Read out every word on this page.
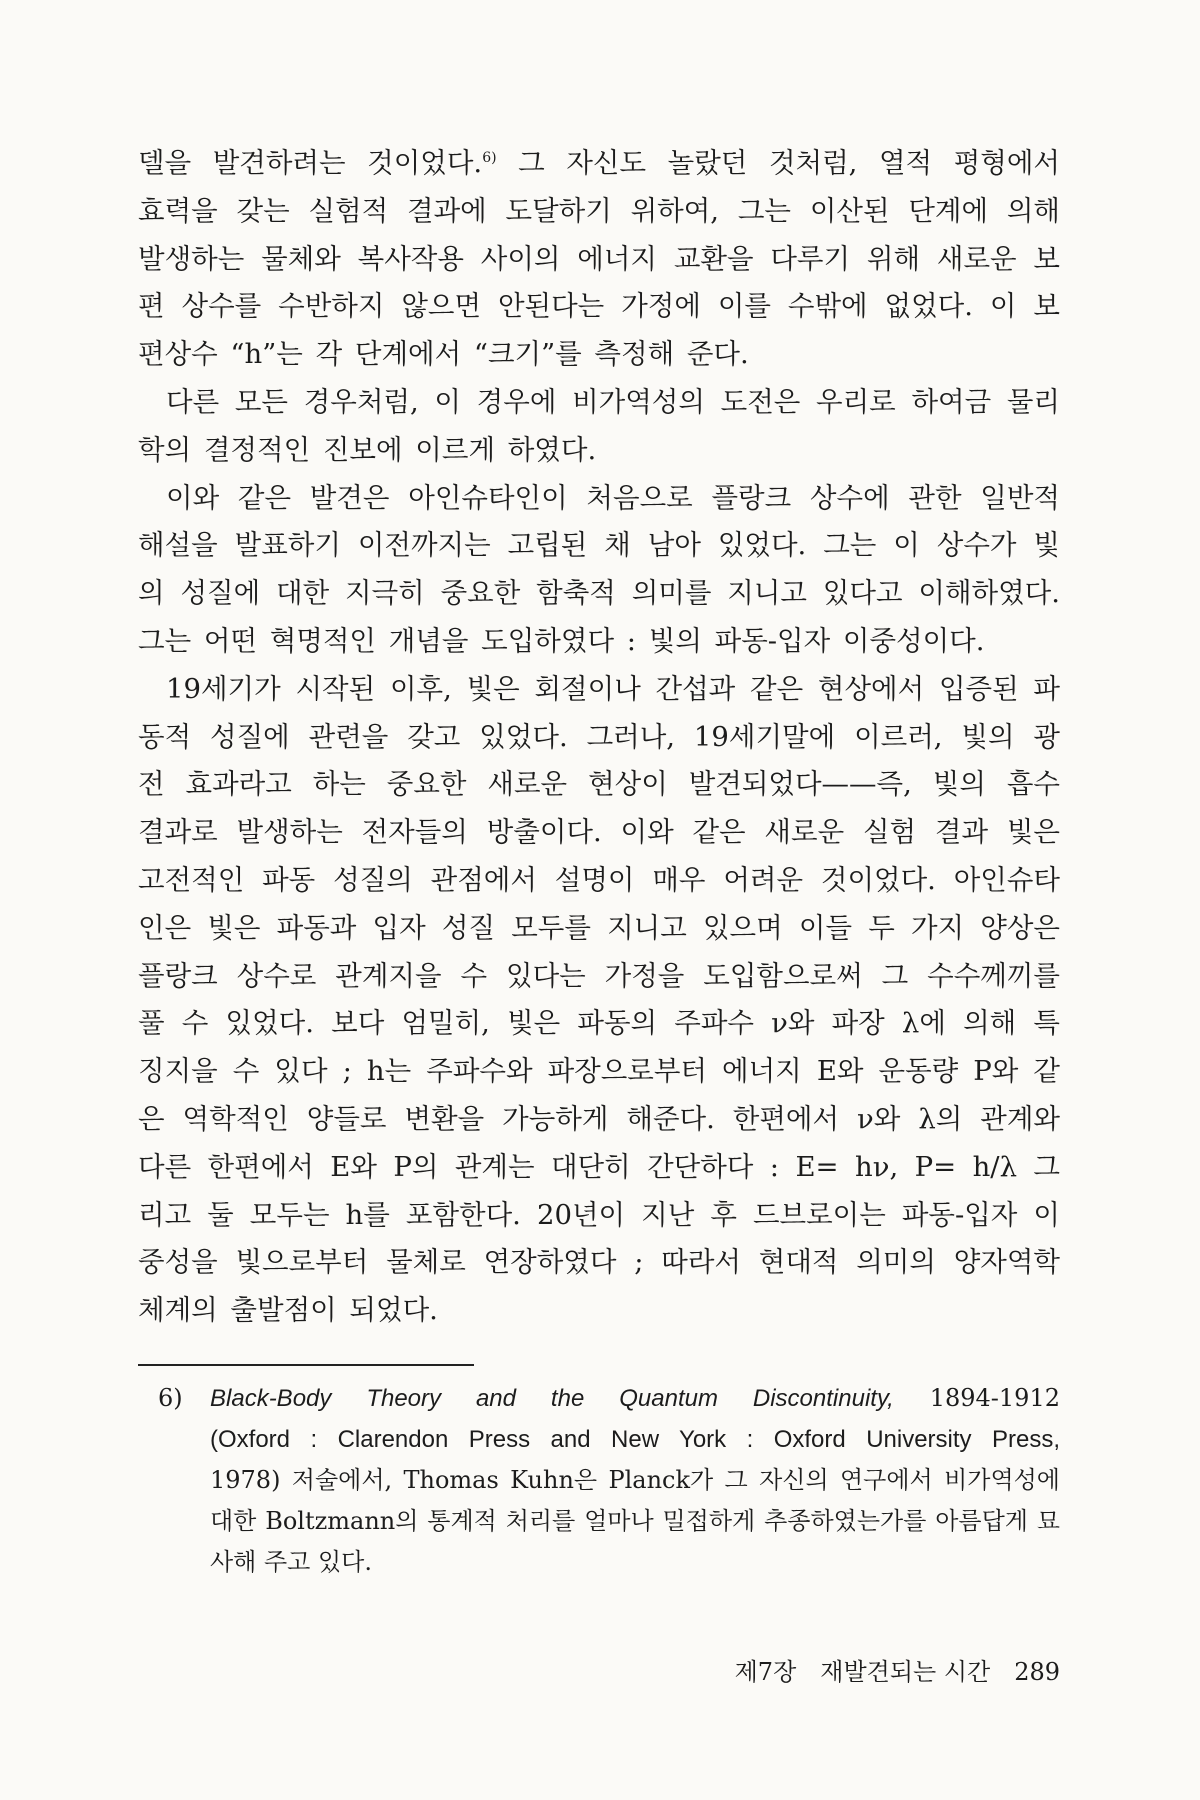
델을 발견하려는 것이었다.$^{6)}$ 그 자신도 놀랐던 것처럼, 열적 평형에서
효력을 갖는 실험적 결과에 도달하기 위하여, 그는 이산된 단계에 의해
발생하는 물체와 복사작용 사이의 에너지 교환을 다루기 위해 새로운 보
편 상수를 수반하지 않으면 안된다는 가정에 이를 수밖에 없었다. 이 보
편상수 “h”는 각 단계에서 “크기”를 측정해 준다.
다른 모든 경우처럼, 이 경우에 비가역성의 도전은 우리로 하여금 물리
학의 결정적인 진보에 이르게 하였다.
이와 같은 발견은 아인슈타인이 처음으로 플랑크 상수에 관한 일반적
해설을 발표하기 이전까지는 고립된 채 남아 있었다. 그는 이 상수가 빛
의 성질에 대한 지극히 중요한 함축적 의미를 지니고 있다고 이해하였다.
그는 어떤 혁명적인 개념을 도입하였다 : 빛의 파동-입자 이중성이다.
19세기가 시작된 이후, 빛은 회절이나 간섭과 같은 현상에서 입증된 파
동적 성질에 관련을 갖고 있었다. 그러나, 19세기말에 이르러, 빛의 광
전 효과라고 하는 중요한 새로운 현상이 발견되었다——즉, 빛의 흡수
결과로 발생하는 전자들의 방출이다. 이와 같은 새로운 실험 결과 빛은
고전적인 파동 성질의 관점에서 설명이 매우 어려운 것이었다. 아인슈타
인은 빛은 파동과 입자 성질 모두를 지니고 있으며 이들 두 가지 양상은
플랑크 상수로 관계지을 수 있다는 가정을 도입함으로써 그 수수께끼를
풀 수 있었다. 보다 엄밀히, 빛은 파동의 주파수 ν와 파장 λ에 의해 특
징지을 수 있다 ; h는 주파수와 파장으로부터 에너지 E와 운동량 P와 같
은 역학적인 양들로 변환을 가능하게 해준다. 한편에서 ν와 λ의 관계와
다른 한편에서 E와 P의 관계는 대단히 간단하다 : E= hν, P= h/λ 그
리고 둘 모두는 h를 포함한다. 20년이 지난 후 드브로이는 파동-입자 이
중성을 빛으로부터 물체로 연장하였다 ; 따라서 현대적 의미의 양자역학
체계의 출발점이 되었다.
6) Black-Body Theory and the Quantum Discontinuity, 1894-1912
(Oxford : Clarendon Press and New York : Oxford University Press,
1978) 저술에서, Thomas Kuhn은 Planck가 그 자신의 연구에서 비가역성에
대한 Boltzmann의 통계적 처리를 얼마나 밀접하게 추종하였는가를 아름답게 묘
사해 주고 있다.
제7장 재발견되는 시간 289
